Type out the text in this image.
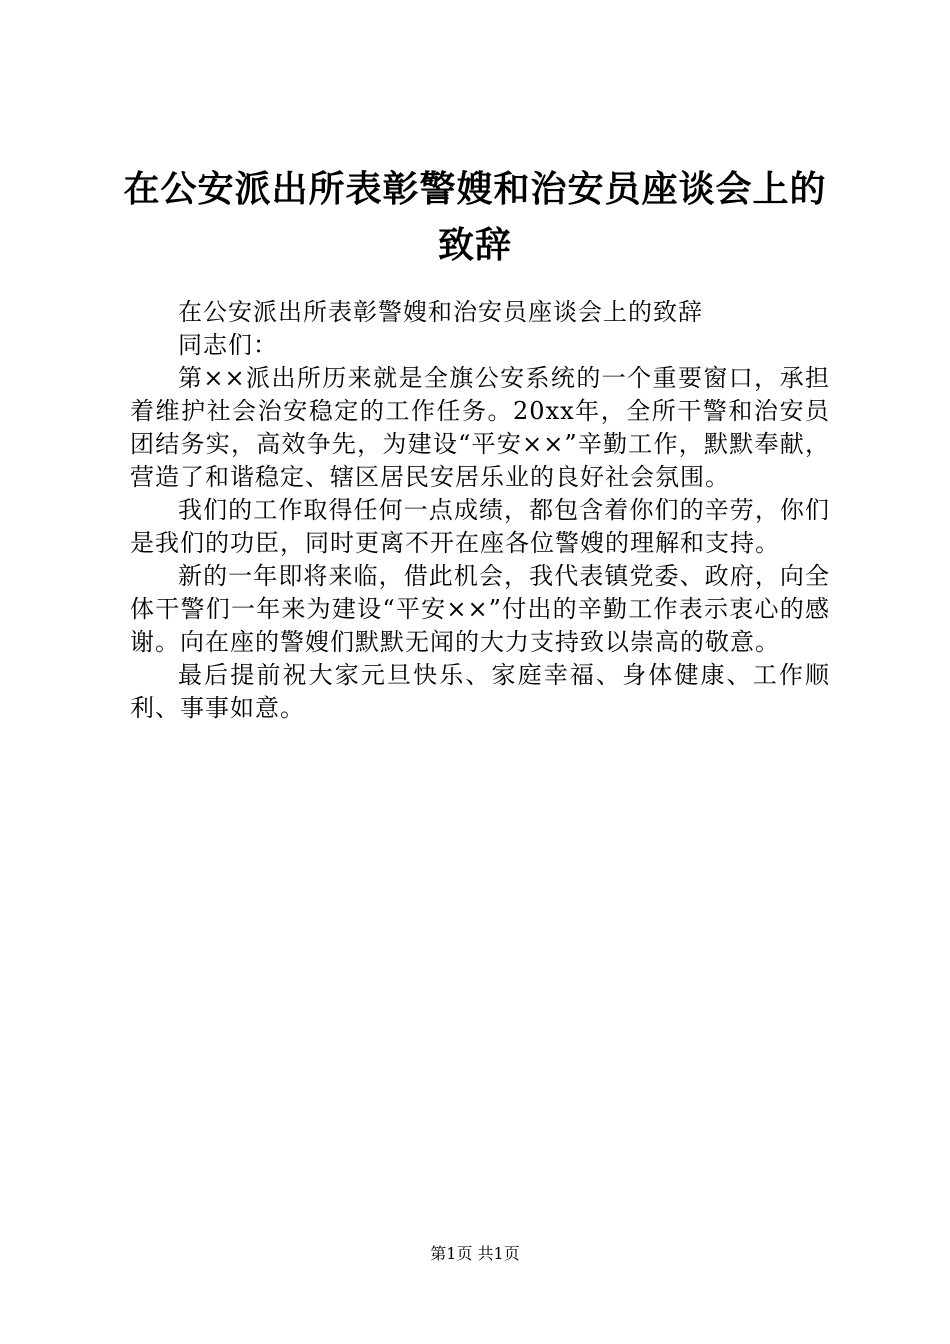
在公安派出所表彰警嫂和治安员座谈会上的致辞

在公安派出所表彰警嫂和治安员座谈会上的致辞

同志们：

第××派出所历来就是全旗公安系统的一个重要窗口，承担着维护社会治安稳定的工作任务。20xx年，全所干警和治安员团结务实，高效争先，为建设“平安××”辛勤工作，默默奉献，营造了和谐稳定、辖区居民安居乐业的良好社会氛围。

我们的工作取得任何一点成绩，都包含着你们的辛劳，你们是我们的功臣，同时更离不开在座各位警嫂的理解和支持。

新的一年即将来临，借此机会，我代表镇党委、政府，向全体干警们一年来为建设“平安××”付出的辛勤工作表示衷心的感谢。向在座的警嫂们默默无闻的大力支持致以崇高的敬意。

最后提前祝大家元旦快乐、家庭幸福、身体健康、工作顺利、事事如意。

第1页 共1页
